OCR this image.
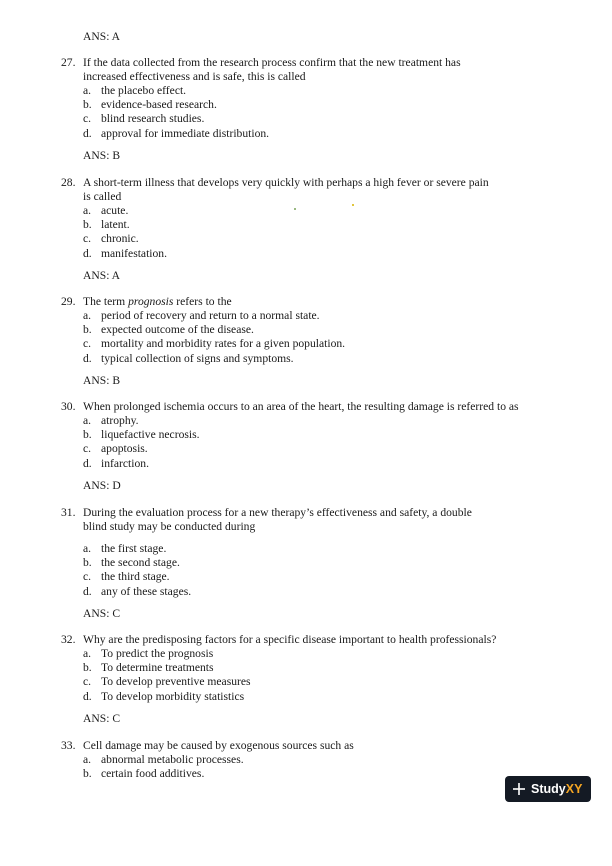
ANS: A
27. If the data collected from the research process confirm that the new treatment has
increased effectiveness and is safe, this is called
a. the placebo effect.
b. evidence-based research.
c. blind research studies.
d. approval for immediate distribution.
ANS: B
28. A short-term illness that develops very quickly with perhaps a high fever or severe pain
is called
a. acute.
b. latent.
c. chronic.
d. manifestation.
ANS: A
29. The term prognosis refers to the
a. period of recovery and return to a normal state.
b. expected outcome of the disease.
c. mortality and morbidity rates for a given population.
d. typical collection of signs and symptoms.
ANS: B
30. When prolonged ischemia occurs to an area of the heart, the resulting damage is referred to as
a. atrophy.
b. liquefactive necrosis.
c. apoptosis.
d. infarction.
ANS: D
31. During the evaluation process for a new therapy’s effectiveness and safety, a double
blind study may be conducted during
a. the first stage.
b. the second stage.
c. the third stage.
d. any of these stages.
ANS: C
32. Why are the predisposing factors for a specific disease important to health professionals?
a. To predict the prognosis
b. To determine treatments
c. To develop preventive measures
d. To develop morbidity statistics
ANS: C
33. Cell damage may be caused by exogenous sources such as
a. abnormal metabolic processes.
b. certain food additives.
Study XY
